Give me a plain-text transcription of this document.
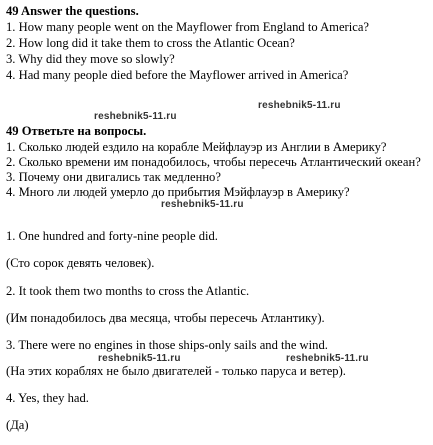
49 Answer the questions.
1. How many people went on the Mayflower from England to America?
2. How long did it take them to cross the Atlantic Ocean?
3. Why did they move so slowly?
4. Had many people died before the Mayflower arrived in America?
reshebnik5-11.ru
reshebnik5-11.ru
49 Ответьте на вопросы.
1. Сколько людей ездило на корабле Мейфлауэр из Англии в Америку?
2. Сколько времени им понадобилось, чтобы пересечь Атлантический океан?
3. Почему они двигались так медленно?
4. Много ли людей умерло до прибытия Мэйфлауэр в Америку?
reshebnik5-11.ru
1. One hundred and forty-nine people did.
(Сто сорок девять человек).
2. It took them two months to cross the Atlantic.
(Им понадобилось два месяца, чтобы пересечь Атлантику).
3. There were no engines in those ships-only sails and the wind.
reshebnik5-11.ru	reshebnik5-11.ru
(На этих кораблях не было двигателей - только паруса и ветер).
4. Yes, they had.
(Да)
